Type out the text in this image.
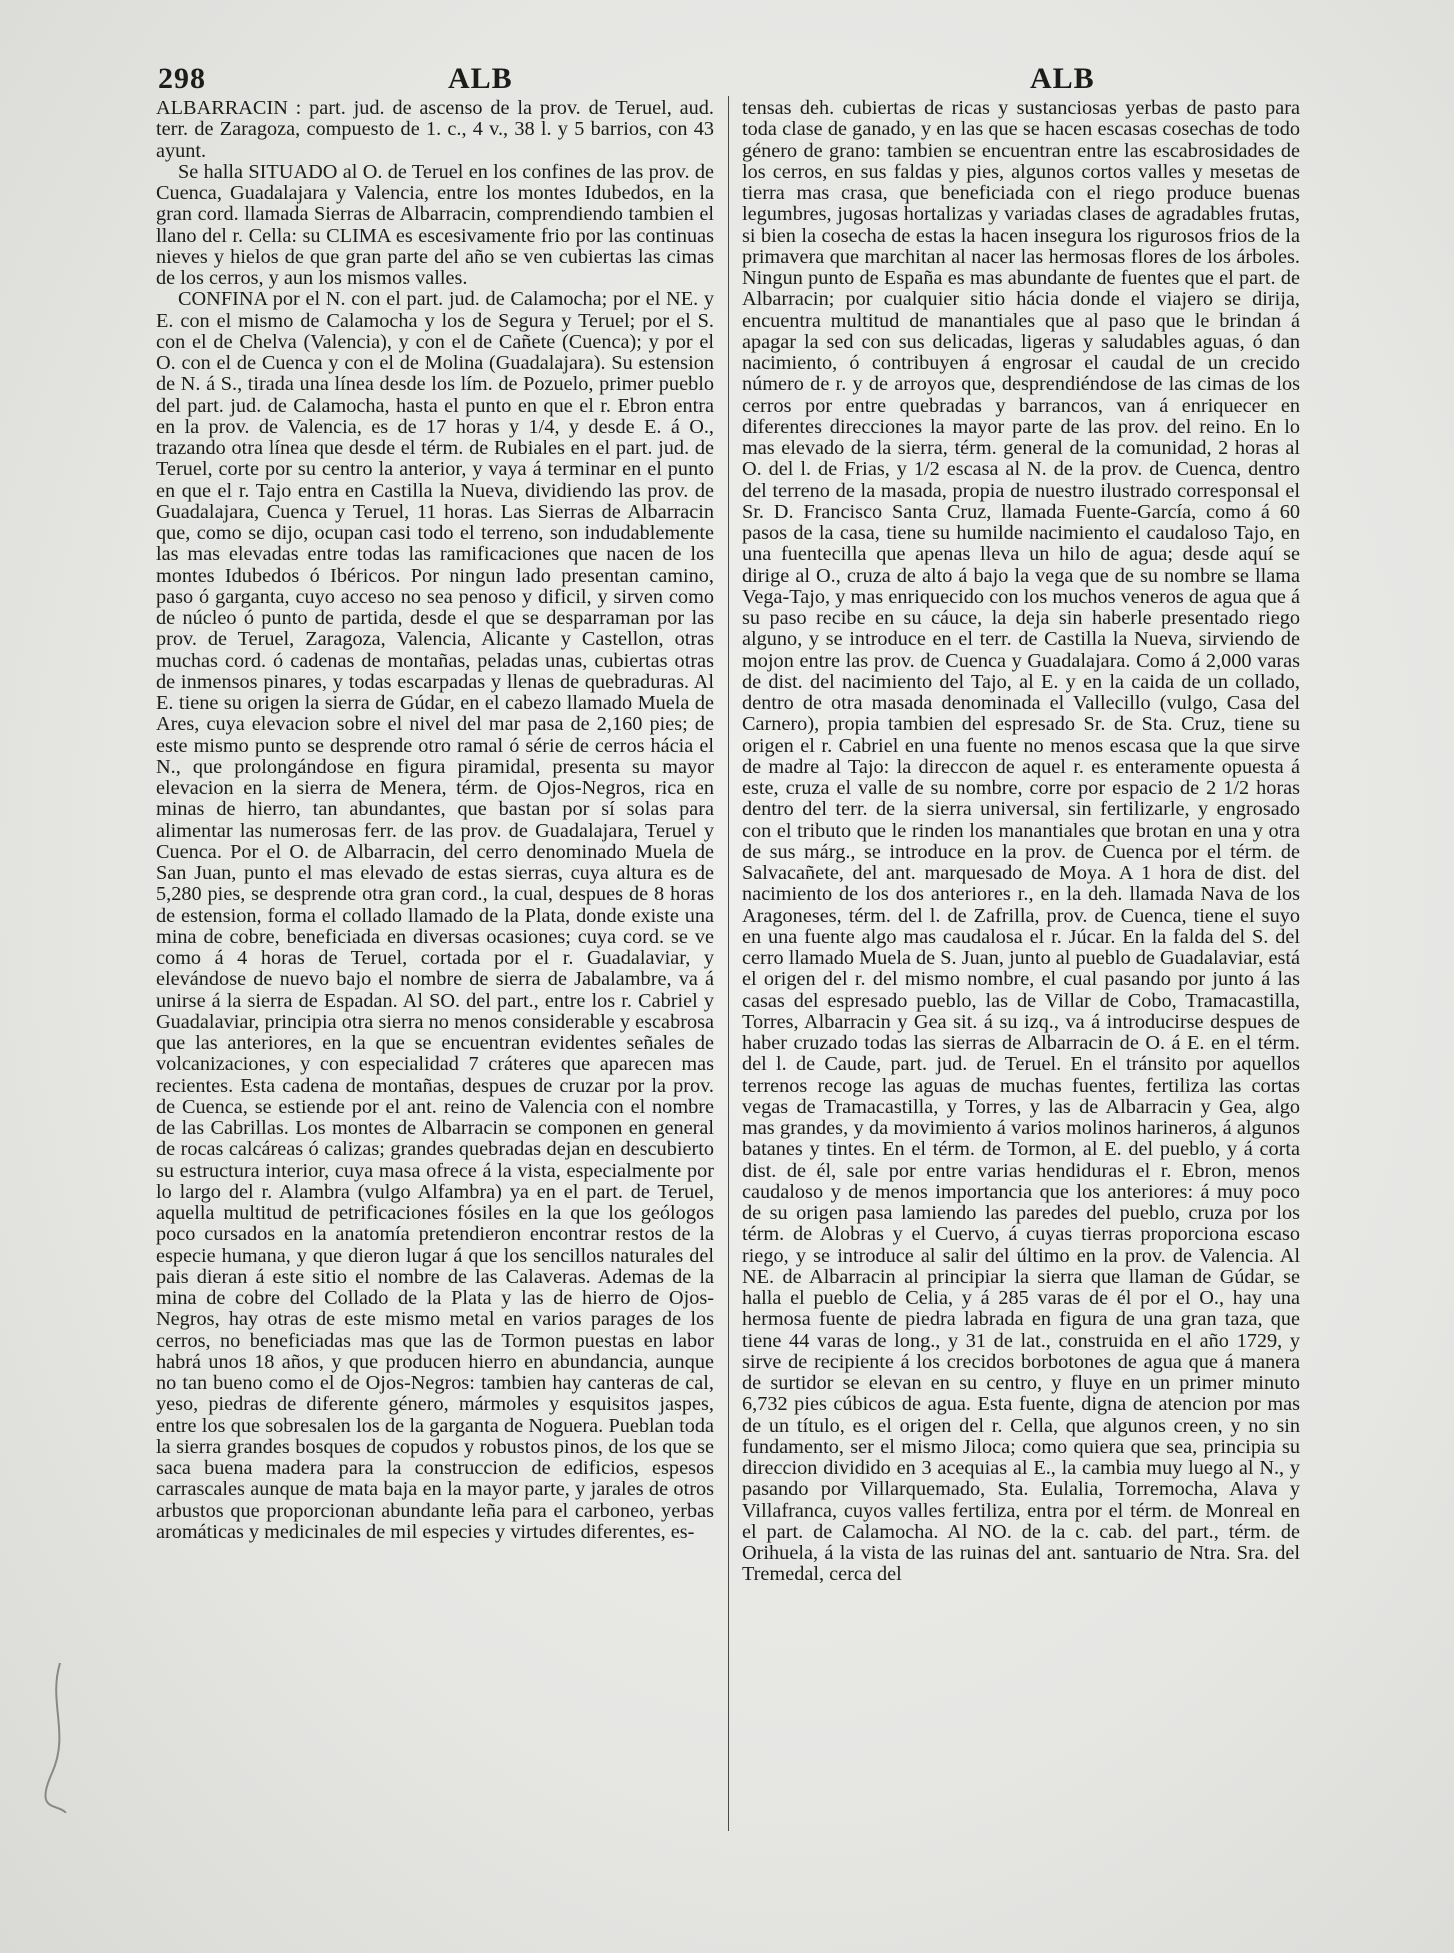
298	ALB	ALB

ALBARRACIN : part. jud. de ascenso de la prov. de Teruel, aud. terr. de Zaragoza, compuesto de 1. c., 4 v., 38 l. y 5 barrios, con 43 ayunt.

Se halla SITUADO al O. de Teruel en los confines de las prov. de Cuenca, Guadalajara y Valencia, entre los montes Idubedos, en la gran cord. llamada Sierras de Albarracin, comprendiendo tambien el llano del r. Cella: su CLIMA es escesivamente frio por las continuas nieves y hielos de que gran parte del año se ven cubiertas las cimas de los cerros, y aun los mismos valles.

CONFINA por el N. con el part. jud. de Calamocha; por el NE. y E. con el mismo de Calamocha y los de Segura y Teruel; por el S. con el de Chelva (Valencia), y con el de Cañete (Cuenca); y por el O. con el de Cuenca y con el de Molina (Guadalajara). Su estension de N. á S., tirada una línea desde los lím. de Pozuelo, primer pueblo del part. jud. de Calamocha, hasta el punto en que el r. Ebron entra en la prov. de Valencia, es de 17 horas y 1/4, y desde E. á O., trazando otra línea que desde el térm. de Rubiales en el part. jud. de Teruel, corte por su centro la anterior, y vaya á terminar en el punto en que el r. Tajo entra en Castilla la Nueva, dividiendo las prov. de Guadalajara, Cuenca y Teruel, 11 horas. Las Sierras de Albarracin que, como se dijo, ocupan casi todo el terreno, son indudablemente las mas elevadas entre todas las ramificaciones que nacen de los montes Idubedos ó Ibéricos. Por ningun lado presentan camino, paso ó garganta, cuyo acceso no sea penoso y dificil, y sirven como de núcleo ó punto de partida, desde el que se desparraman por las prov. de Teruel, Zaragoza, Valencia, Alicante y Castellon, otras muchas cord. ó cadenas de montañas, peladas unas, cubiertas otras de inmensos pinares, y todas escarpadas y llenas de quebraduras. Al E. tiene su origen la sierra de Gúdar, en el cabezo llamado Muela de Ares, cuya elevacion sobre el nivel del mar pasa de 2,160 pies; de este mismo punto se desprende otro ramal ó série de cerros hácia el N., que prolongándose en figura piramidal, presenta su mayor elevacion en la sierra de Menera, térm. de Ojos-Negros, rica en minas de hierro, tan abundantes, que bastan por sí solas para alimentar las numerosas ferr. de las prov. de Guadalajara, Teruel y Cuenca. Por el O. de Albarracin, del cerro denominado Muela de San Juan, punto el mas elevado de estas sierras, cuya altura es de 5,280 pies, se desprende otra gran cord., la cual, despues de 8 horas de estension, forma el collado llamado de la Plata, donde existe una mina de cobre, beneficiada en diversas ocasiones; cuya cord. se ve como á 4 horas de Teruel, cortada por el r. Guadalaviar, y elevándose de nuevo bajo el nombre de sierra de Jabalambre, va á unirse á la sierra de Espadan. Al SO. del part., entre los r. Cabriel y Guadalaviar, principia otra sierra no menos considerable y escabrosa que las anteriores, en la que se encuentran evidentes señales de volcanizaciones, y con especialidad 7 cráteres que aparecen mas recientes. Esta cadena de montañas, despues de cruzar por la prov. de Cuenca, se estiende por el ant. reino de Valencia con el nombre de las Cabrillas. Los montes de Albarracin se componen en general de rocas calcáreas ó calizas; grandes quebradas dejan en descubierto su estructura interior, cuya masa ofrece á la vista, especialmente por lo largo del r. Alambra (vulgo Alfambra) ya en el part. de Teruel, aquella multitud de petrificaciones fósiles en la que los geólogos poco cursados en la anatomía pretendieron encontrar restos de la especie humana, y que dieron lugar á que los sencillos naturales del pais dieran á este sitio el nombre de las Calaveras. Ademas de la mina de cobre del Collado de la Plata y las de hierro de Ojos-Negros, hay otras de este mismo metal en varios parages de los cerros, no beneficiadas mas que las de Tormon puestas en labor habrá unos 18 años, y que producen hierro en abundancia, aunque no tan bueno como el de Ojos-Negros: tambien hay canteras de cal, yeso, piedras de diferente género, mármoles y esquisitos jaspes, entre los que sobresalen los de la garganta de Noguera. Pueblan toda la sierra grandes bosques de copudos y robustos pinos, de los que se saca buena madera para la construccion de edificios, espesos carrascales aunque de mata baja en la mayor parte, y jarales de otros arbustos que proporcionan abundante leña para el carboneo, yerbas aromáticas y medicinales de mil especies y virtudes diferentes, es-

tensas deh. cubiertas de ricas y sustanciosas yerbas de pasto para toda clase de ganado, y en las que se hacen escasas cosechas de todo género de grano: tambien se encuentran entre las escabrosidades de los cerros, en sus faldas y pies, algunos cortos valles y mesetas de tierra mas crasa, que beneficiada con el riego produce buenas legumbres, jugosas hortalizas y variadas clases de agradables frutas, si bien la cosecha de estas la hacen insegura los rigurosos frios de la primavera que marchitan al nacer las hermosas flores de los árboles. Ningun punto de España es mas abundante de fuentes que el part. de Albarracin; por cualquier sitio hácia donde el viajero se dirija, encuentra multitud de manantiales que al paso que le brindan á apagar la sed con sus delicadas, ligeras y saludables aguas, ó dan nacimiento, ó contribuyen á engrosar el caudal de un crecido número de r. y de arroyos que, desprendiéndose de las cimas de los cerros por entre quebradas y barrancos, van á enriquecer en diferentes direcciones la mayor parte de las prov. del reino. En lo mas elevado de la sierra, térm. general de la comunidad, 2 horas al O. del l. de Frias, y 1/2 escasa al N. de la prov. de Cuenca, dentro del terreno de la masada, propia de nuestro ilustrado corresponsal el Sr. D. Francisco Santa Cruz, llamada Fuente-García, como á 60 pasos de la casa, tiene su humilde nacimiento el caudaloso Tajo, en una fuentecilla que apenas lleva un hilo de agua; desde aquí se dirige al O., cruza de alto á bajo la vega que de su nombre se llama Vega-Tajo, y mas enriquecido con los muchos veneros de agua que á su paso recibe en su cáuce, la deja sin haberle presentado riego alguno, y se introduce en el terr. de Castilla la Nueva, sirviendo de mojon entre las prov. de Cuenca y Guadalajara. Como á 2,000 varas de dist. del nacimiento del Tajo, al E. y en la caida de un collado, dentro de otra masada denominada el Vallecillo (vulgo, Casa del Carnero), propia tambien del espresado Sr. de Sta. Cruz, tiene su origen el r. Cabriel en una fuente no menos escasa que la que sirve de madre al Tajo: la direccon de aquel r. es enteramente opuesta á este, cruza el valle de su nombre, corre por espacio de 2 1/2 horas dentro del terr. de la sierra universal, sin fertilizarle, y engrosado con el tributo que le rinden los manantiales que brotan en una y otra de sus márg., se introduce en la prov. de Cuenca por el térm. de Salvacañete, del ant. marquesado de Moya. A 1 hora de dist. del nacimiento de los dos anteriores r., en la deh. llamada Nava de los Aragoneses, térm. del l. de Zafrilla, prov. de Cuenca, tiene el suyo en una fuente algo mas caudalosa el r. Júcar. En la falda del S. del cerro llamado Muela de S. Juan, junto al pueblo de Guadalaviar, está el origen del r. del mismo nombre, el cual pasando por junto á las casas del espresado pueblo, las de Villar de Cobo, Tramacastilla, Torres, Albarracin y Gea sit. á su izq., va á introducirse despues de haber cruzado todas las sierras de Albarracin de O. á E. en el térm. del l. de Caude, part. jud. de Teruel. En el tránsito por aquellos terrenos recoge las aguas de muchas fuentes, fertiliza las cortas vegas de Tramacastilla, y Torres, y las de Albarracin y Gea, algo mas grandes, y da movimiento á varios molinos harineros, á algunos batanes y tintes. En el térm. de Tormon, al E. del pueblo, y á corta dist. de él, sale por entre varias hendiduras el r. Ebron, menos caudaloso y de menos importancia que los anteriores: á muy poco de su origen pasa lamiendo las paredes del pueblo, cruza por los térm. de Alobras y el Cuervo, á cuyas tierras proporciona escaso riego, y se introduce al salir del último en la prov. de Valencia. Al NE. de Albarracin al principiar la sierra que llaman de Gúdar, se halla el pueblo de Celia, y á 285 varas de él por el O., hay una hermosa fuente de piedra labrada en figura de una gran taza, que tiene 44 varas de long., y 31 de lat., construida en el año 1729, y sirve de recipiente á los crecidos borbotones de agua que á manera de surtidor se elevan en su centro, y fluye en un primer minuto 6,732 pies cúbicos de agua. Esta fuente, digna de atencion por mas de un título, es el origen del r. Cella, que algunos creen, y no sin fundamento, ser el mismo Jiloca; como quiera que sea, principia su direccion dividido en 3 acequias al E., la cambia muy luego al N., y pasando por Villarquemado, Sta. Eulalia, Torremocha, Alava y Villafranca, cuyos valles fertiliza, entra por el térm. de Monreal en el part. de Calamocha. Al NO. de la c. cab. del part., térm. de Orihuela, á la vista de las ruinas del ant. santuario de Ntra. Sra. del Tremedal, cerca del
